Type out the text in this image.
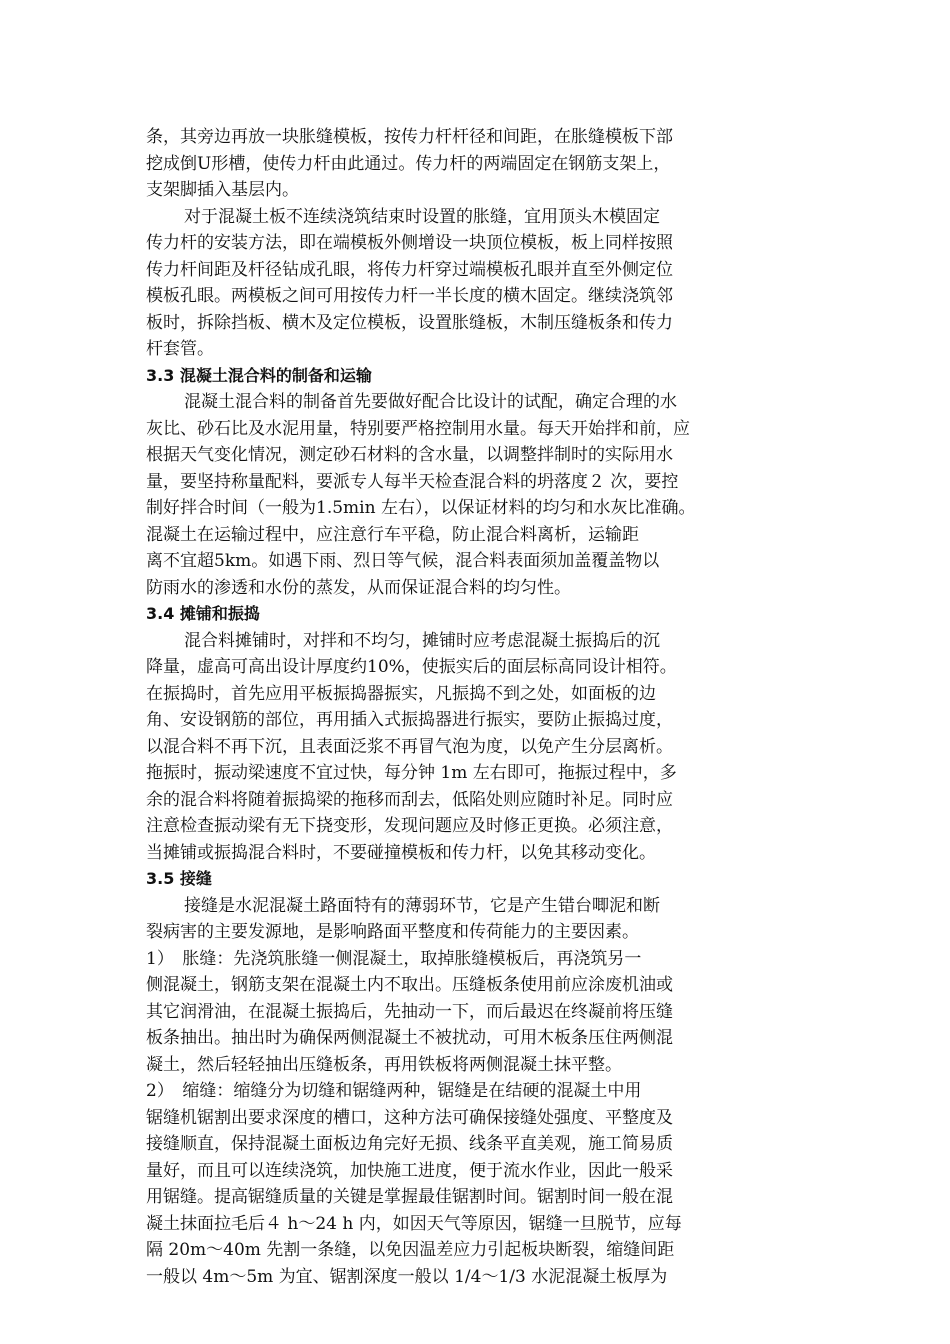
条，其旁边再放一块胀缝模板，按传力杆杆径和间距，在胀缝模板下部
挖成倒U形槽，使传力杆由此通过。传力杆的两端固定在钢筋支架上，
支架脚插入基层内。
对于混凝土板不连续浇筑结束时设置的胀缝，宜用顶头木模固定
传力杆的安装方法，即在端模板外侧增设一块顶位模板，板上同样按照
传力杆间距及杆径钻成孔眼，将传力杆穿过端模板孔眼并直至外侧定位
模板孔眼。两模板之间可用按传力杆一半长度的横木固定。继续浇筑邻
板时，拆除挡板、横木及定位模板，设置胀缝板，木制压缝板条和传力
杆套管。
3.3 混凝土混合料的制备和运输
混凝土混合料的制备首先要做好配合比设计的试配，确定合理的水
灰比、砂石比及水泥用量，特别要严格控制用水量。每天开始拌和前，应
根据天气变化情况，测定砂石材料的含水量，以调整拌制时的实际用水
量，要坚持称量配料，要派专人每半天检查混合料的坍落度２ 次，要控
制好拌合时间（一般为1.5min 左右），以保证材料的均匀和水灰比准确。
混凝土在运输过程中，应注意行车平稳，防止混合料离析，运输距
离不宜超5km。如遇下雨、烈日等气候，混合料表面须加盖覆盖物以
防雨水的渗透和水份的蒸发，从而保证混合料的均匀性。
3.4 摊铺和振捣
混合料摊铺时，对拌和不均匀，摊铺时应考虑混凝土振捣后的沉
降量，虚高可高出设计厚度约10%，使振实后的面层标高同设计相符。
在振捣时，首先应用平板振捣器振实，凡振捣不到之处，如面板的边
角、安设钢筋的部位，再用插入式振捣器进行振实，要防止振捣过度，
以混合料不再下沉，且表面泛浆不再冒气泡为度，以免产生分层离析。
拖振时，振动梁速度不宜过快，每分钟 1m 左右即可，拖振过程中，多
余的混合料将随着振捣梁的拖移而刮去，低陷处则应随时补足。同时应
注意检查振动梁有无下挠变形，发现问题应及时修正更换。必须注意，
当摊铺或振捣混合料时，不要碰撞模板和传力杆，以免其移动变化。
3.5 接缝
接缝是水泥混凝土路面特有的薄弱环节，它是产生错台唧泥和断
裂病害的主要发源地，是影响路面平整度和传荷能力的主要因素。
1）　胀缝：先浇筑胀缝一侧混凝土，取掉胀缝模板后，再浇筑另一
侧混凝土，钢筋支架在混凝土内不取出。压缝板条使用前应涂废机油或
其它润滑油，在混凝土振捣后，先抽动一下，而后最迟在终凝前将压缝
板条抽出。抽出时为确保两侧混凝土不被扰动，可用木板条压住两侧混
凝土，然后轻轻抽出压缝板条，再用铁板将两侧混凝土抹平整。
2）　缩缝：缩缝分为切缝和锯缝两种，锯缝是在结硬的混凝土中用
锯缝机锯割出要求深度的槽口，这种方法可确保接缝处强度、平整度及
接缝顺直，保持混凝土面板边角完好无损、线条平直美观，施工简易质
量好，而且可以连续浇筑，加快施工进度，便于流水作业，因此一般采
用锯缝。提高锯缝质量的关键是掌握最佳锯割时间。锯割时间一般在混
凝土抹面拉毛后４ h～24 h 内，如因天气等原因，锯缝一旦脱节，应每
隔 20m～40m 先割一条缝，以免因温差应力引起板块断裂，缩缝间距
一般以 4m～5m 为宜、锯割深度一般以 1/4～1/3 水泥混凝土板厚为
